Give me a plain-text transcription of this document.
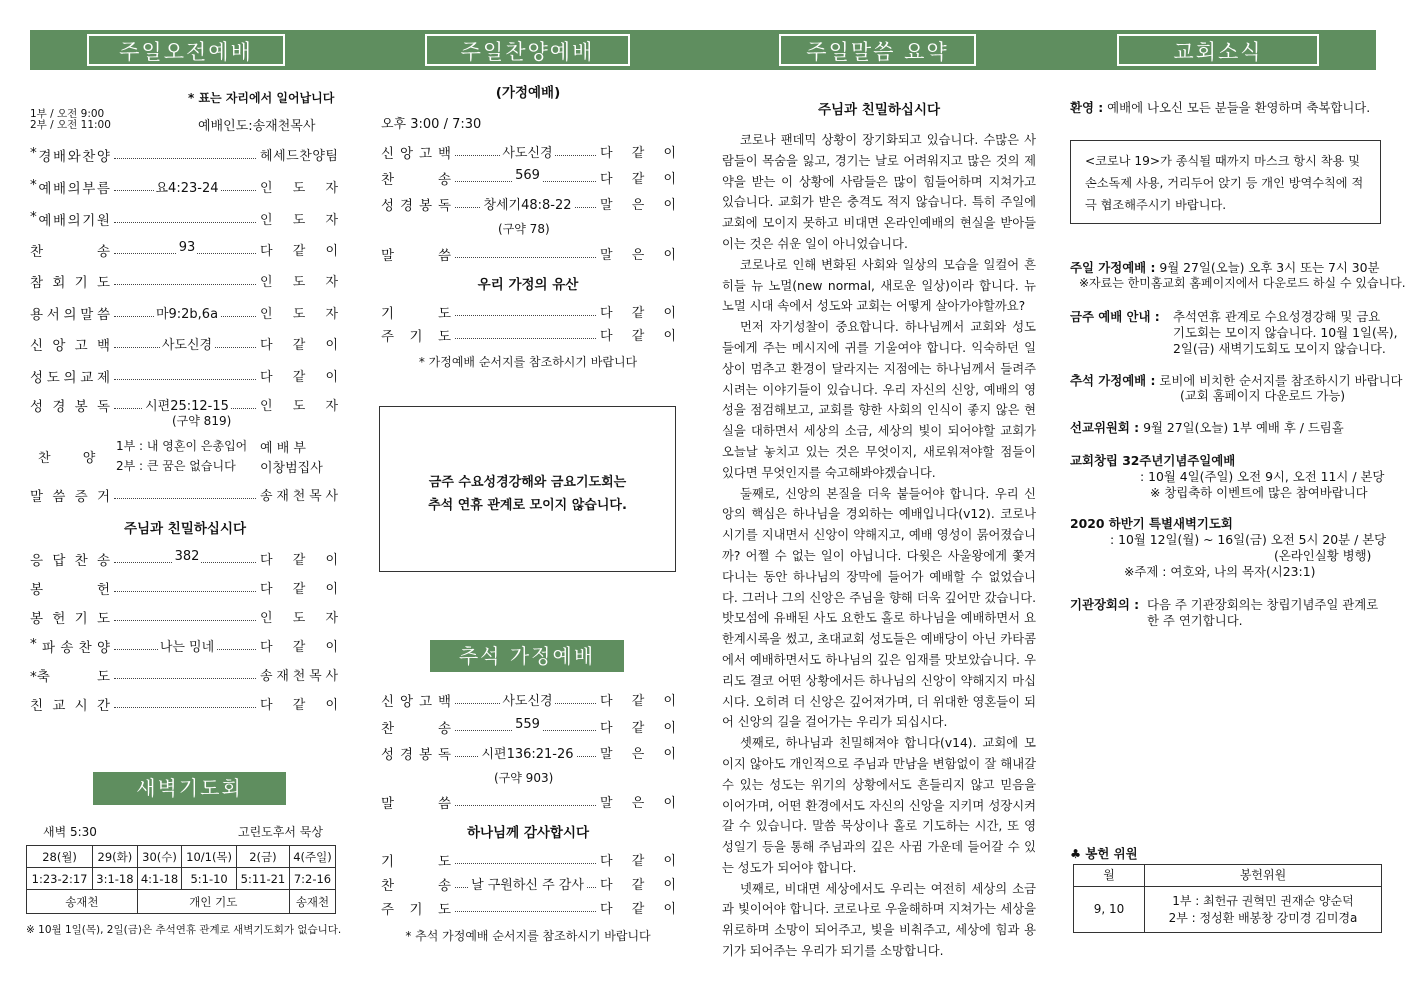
주일오전예배	주일찬양예배	주일말씀 요약	교회소식
* 표는 자리에서 일어납니다
1부 / 오전 9:00
2부 / 오전 11:00	예배인도:송재천목사
* 경 배 와 찬 양	헤 세 드 찬 양 팀
* 예 배 의 부 름	요4:23-24	인 도 자
* 예 배 의 기 원	인 도 자
찬	송	93	다 같 이
참 회 기 도	인 도 자
용 서 의 말 씀	마9:2b,6a	인 도 자
신 앙 고 백	사도신경	다 같 이
성 도 의 교 제	다 같 이
성 경 봉 독	시편25:12-15	인 도 자
(구약 819)
찬 양
1부 : 내 영혼이 은총입어 예 배 부
2부 : 큰 꿈은 없습니다 이창범집사
말 씀 증 거	송 재 천 목 사
주님과 친밀하십시다
응 답 찬 송	382	다 같 이
봉	헌	다 같 이
봉 헌 기 도	인 도 자
* 파 송 찬 양	나는 밍네	다 같 이
*축	도	송 재 천 목 사
친 교 시 간	다 같 이
새벽기도회
새벽 5:30	고린도후서 묵상
28(월)	29(화)	30(수)	10/1(목)	2(금)	4(주일)
1:23-2:17	3:1-18	4:1-18	5:1-10	5:11-21	7:2-16
송재천		개인 기도			송재천
※ 10월 1일(목), 2일(금)은 추석연휴 관계로 새벽기도회가 없습니다.
(가정예배)
오후 3:00 / 7:30
신 앙 고 백	사도신경	다 같 이
찬	송	569	다 같 이
성 경 봉 독	창세기48:8-22	말 은 이
(구약 78)
말	씀	말 은 이
우리 가정의 유산
기	도	다 같 이
주 기 도	다 같 이
* 가정예배 순서지를 참조하시기 바랍니다
금주 수요성경강해와 금요기도회는
추석 연휴 관계로 모이지 않습니다.
추석 가정예배
신 앙 고 백	사도신경	다 같 이
찬	송	559	다 같 이
성 경 봉 독	시편136:21-26	말 은 이
(구약 903)
말	씀	말 은 이
하나님께 감사합시다
기	도	다 같 이
찬	송	날 구원하신 주 감사	다 같 이
주 기 도	다 같 이
* 추석 가정예배 순서지를 참조하시기 바랍니다
주님과 친밀하십시다

코로나 팬데믹 상황이 장기화되고 있습니다. 수많은 사람들이 목숨을 잃고, 경기는 날로 어려워지고 많은 것의 제약을 받는 이 상황에 사람들은 많이 힘들어하며 지쳐가고 있습니다. 교회가 받은 충격도 적지 않습니다. 특히 주일에 교회에 모이지 못하고 비대면 온라인예배의 현실을 받아들이는 것은 쉬운 일이 아니었습니다.

코로나로 인해 변화된 사회와 일상의 모습을 일컬어 흔히들 뉴 노멀(new normal, 새로운 일상)이라 합니다. 뉴 노멀 시대 속에서 성도와 교회는 어떻게 살아가야할까요?

먼저 자기성찰이 중요합니다. 하나님께서 교회와 성도들에게 주는 메시지에 귀를 기울여야 합니다. 익숙하던 일상이 멈추고 환경이 달라지는 지점에는 하나님께서 들려주시려는 이야기들이 있습니다. 우리 자신의 신앙, 예배의 영성을 점검해보고, 교회를 향한 사회의 인식이 좋지 않은 현실을 대하면서 세상의 소금, 세상의 빛이 되어야할 교회가 오늘날 놓치고 있는 것은 무엇이지, 새로워져야할 점들이 있다면 무엇인지를 숙고해봐야겠습니다.

둘째로, 신앙의 본질을 더욱 붙들어야 합니다. 우리 신앙의 핵심은 하나님을 경외하는 예배입니다(v12). 코로나 시기를 지내면서 신앙이 약해지고, 예배 영성이 묽어졌습니까? 어쩔 수 없는 일이 아닙니다. 다윗은 사울왕에게 쫓겨다니는 동안 하나님의 장막에 들어가 예배할 수 없었습니다. 그러나 그의 신앙은 주님을 향해 더욱 깊어만 갔습니다. 밧모섬에 유배된 사도 요한도 홀로 하나님을 예배하면서 요한계시록을 썼고, 초대교회 성도들은 예배당이 아닌 카타콤에서 예배하면서도 하나님의 깊은 임재를 맛보았습니다. 우리도 결코 어떤 상황에서든 하나님의 신앙이 약해지지 마십시다. 오히려 더 신앙은 깊어져가며, 더 위대한 영혼들이 되어 신앙의 길을 걸어가는 우리가 되십시다.

셋째로, 하나님과 친밀해져야 합니다(v14). 교회에 모이지 않아도 개인적으로 주님과 만남을 변함없이 잘 해내갈 수 있는 성도는 위기의 상황에서도 흔들리지 않고 믿음을 이어가며, 어떤 환경에서도 자신의 신앙을 지키며 성장시켜갈 수 있습니다. 말씀 묵상이나 홀로 기도하는 시간, 또 영성일기 등을 통해 주님과의 깊은 사귐 가운데 들어갈 수 있는 성도가 되어야 합니다.

넷째로, 비대면 세상에서도 우리는 여전히 세상의 소금과 빛이어야 합니다. 코로나로 우울해하며 지쳐가는 세상을 위로하며 소망이 되어주고, 빛을 비춰주고, 세상에 힘과 용기가 되어주는 우리가 되기를 소망합니다.

환영 : 예배에 나오신 모든 분들을 환영하며 축복합니다.
<코로나 19>가 종식될 때까지 마스크 항시 착용 및 손소독제 사용, 거리두어 앉기 등 개인 방역수칙에 적극 협조해주시기 바랍니다.
주일 가정예배 : 9월 27일(오늘) 오후 3시 또는 7시 30분
※자료는 한미홈교회 홈페이지에서 다운로드 하실 수 있습니다.
금주 예배 안내 : 추석연휴 관계로 수요성경강해 및 금요
기도회는 모이지 않습니다. 10월 1일(목),
2일(금) 새벽기도회도 모이지 않습니다.
추석 가정예배 : 로비에 비치한 순서지를 참조하시기 바랍니다
(교회 홈페이지 다운로드 가능)
선교위원회 : 9월 27일(오늘) 1부 예배 후 / 드림홀
교회창립 32주년기념주일예배
: 10월 4일(주일) 오전 9시, 오전 11시 / 본당
※ 창립축하 이벤트에 많은 참여바랍니다
2020 하반기 특별새벽기도회
: 10월 12일(월) ~ 16일(금) 오전 5시 20분 / 본당
(온라인실황 병행)
※주제 : 여호와, 나의 목자(시23:1)
기관장회의 : 다음 주 기관장회의는 창립기념주일 관계로
한 주 연기합니다.
♣ 봉헌 위원
월	봉헌위원
9, 10	1부 : 최헌규 권혁민 권재순 양순덕
2부 : 정성환 배봉창 강미경 김미경a
